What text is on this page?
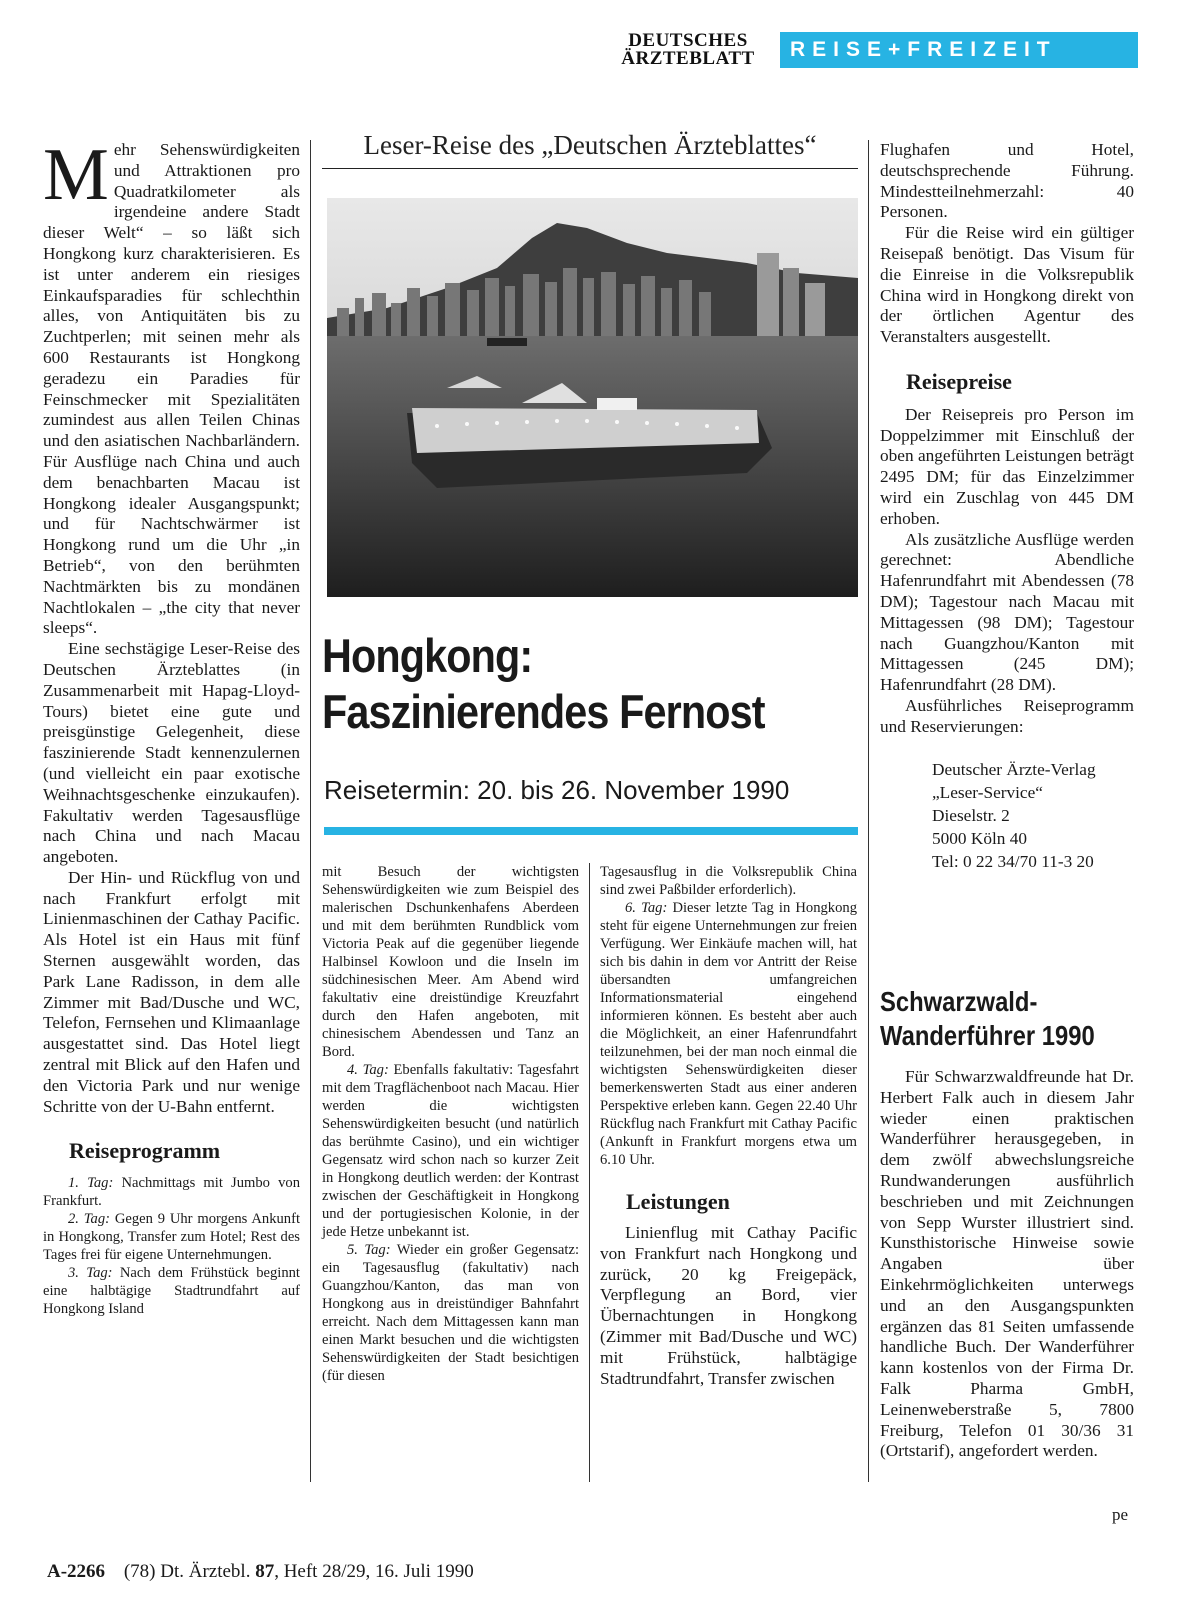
DEUTSCHES
ÄRZTEBLATT	REISE+FREIZEIT

Mehr Sehenswürdigkeiten und Attraktionen pro Quadratkilometer als irgendeine andere Stadt dieser Welt“ – so läßt sich Hongkong kurz charakterisieren. Es ist unter anderem ein riesiges Einkaufsparadies für schlechthin alles, von Antiquitäten bis zu Zuchtperlen; mit seinen mehr als 600 Restaurants ist Hongkong geradezu ein Paradies für Feinschmecker mit Spezialitäten zumindest aus allen Teilen Chinas und den asiatischen Nachbarländern. Für Ausflüge nach China und auch dem benachbarten Macau ist Hongkong idealer Ausgangspunkt; und für Nachtschwärmer ist Hongkong rund um die Uhr „in Betrieb“, von den berühmten Nachtmärkten bis zu mondänen Nachtlokalen – „the city that never sleeps“.

Eine sechstägige Leser-Reise des Deutschen Ärzteblattes (in Zusammenarbeit mit Hapag-Lloyd-Tours) bietet eine gute und preisgünstige Gelegenheit, diese faszinierende Stadt kennenzulernen (und vielleicht ein paar exotische Weihnachtsgeschenke einzukaufen). Fakultativ werden Tagesausflüge nach China und nach Macau angeboten.

Der Hin- und Rückflug von und nach Frankfurt erfolgt mit Linienmaschinen der Cathay Pacific. Als Hotel ist ein Haus mit fünf Sternen ausgewählt worden, das Park Lane Radisson, in dem alle Zimmer mit Bad/Dusche und WC, Telefon, Fernsehen und Klimaanlage ausgestattet sind. Das Hotel liegt zentral mit Blick auf den Hafen und den Victoria Park und nur wenige Schritte von der U-Bahn entfernt.

Reiseprogramm

1. Tag: Nachmittags mit Jumbo von Frankfurt.

2. Tag: Gegen 9 Uhr morgens Ankunft in Hongkong, Transfer zum Hotel; Rest des Tages frei für eigene Unternehmungen.

3. Tag: Nach dem Frühstück beginnt eine halbtägige Stadtrundfahrt auf Hongkong Island

Leser-Reise des „Deutschen Ärzteblattes“
Hongkong:
Faszinierendes Fernost
Reisetermin: 20. bis 26. November 1990

mit Besuch der wichtigsten Sehenswürdigkeiten wie zum Beispiel des malerischen Dschunkenhafens Aberdeen und mit dem berühmten Rundblick vom Victoria Peak auf die gegenüber liegende Halbinsel Kowloon und die Inseln im südchinesischen Meer. Am Abend wird fakultativ eine dreistündige Kreuzfahrt durch den Hafen angeboten, mit chinesischem Abendessen und Tanz an Bord.

4. Tag: Ebenfalls fakultativ: Tagesfahrt mit dem Tragflächenboot nach Macau. Hier werden die wichtigsten Sehenswürdigkeiten besucht (und natürlich das berühmte Casino), und ein wichtiger Gegensatz wird schon nach so kurzer Zeit in Hongkong deutlich werden: der Kontrast zwischen der Geschäftigkeit in Hongkong und der portugiesischen Kolonie, in der jede Hetze unbekannt ist.

5. Tag: Wieder ein großer Gegensatz: ein Tagesausflug (fakultativ) nach Guangzhou/Kanton, das man von Hongkong aus in dreistündiger Bahnfahrt erreicht. Nach dem Mittagessen kann man einen Markt besuchen und die wichtigsten Sehenswürdigkeiten der Stadt besichtigen (für diesen

Tagesausflug in die Volksrepublik China sind zwei Paßbilder erforderlich).

6. Tag: Dieser letzte Tag in Hongkong steht für eigene Unternehmungen zur freien Verfügung. Wer Einkäufe machen will, hat sich bis dahin in dem vor Antritt der Reise übersandten umfangreichen Informationsmaterial eingehend informieren können. Es besteht aber auch die Möglichkeit, an einer Hafenrundfahrt teilzunehmen, bei der man noch einmal die wichtigsten Sehenswürdigkeiten dieser bemerkenswerten Stadt aus einer anderen Perspektive erleben kann. Gegen 22.40 Uhr Rückflug nach Frankfurt mit Cathay Pacific (Ankunft in Frankfurt morgens etwa um 6.10 Uhr.

Leistungen

Linienflug mit Cathay Pacific von Frankfurt nach Hongkong und zurück, 20 kg Freigepäck, Verpflegung an Bord, vier Übernachtungen in Hongkong (Zimmer mit Bad/Dusche und WC) mit Frühstück, halbtägige Stadtrundfahrt, Transfer zwischen

Flughafen und Hotel, deutschsprechende Führung. Mindestteilnehmerzahl: 40 Personen.

Für die Reise wird ein gültiger Reisepaß benötigt. Das Visum für die Einreise in die Volksrepublik China wird in Hongkong direkt von der örtlichen Agentur des Veranstalters ausgestellt.

Reisepreise

Der Reisepreis pro Person im Doppelzimmer mit Einschluß der oben angeführten Leistungen beträgt 2495 DM; für das Einzelzimmer wird ein Zuschlag von 445 DM erhoben.

Als zusätzliche Ausflüge werden gerechnet: Abendliche Hafenrundfahrt mit Abendessen (78 DM); Tagestour nach Macau mit Mittagessen (98 DM); Tagestour nach Guangzhou/Kanton mit Mittagessen (245 DM); Hafenrundfahrt (28 DM).

Ausführliches Reiseprogramm und Reservierungen:

Deutscher Ärzte-Verlag
„Leser-Service“
Dieselstr. 2
5000 Köln 40
Tel: 0 22 34/70 11-3 20
Schwarzwald-
Wanderführer 1990

Für Schwarzwaldfreunde hat Dr. Herbert Falk auch in diesem Jahr wieder einen praktischen Wanderführer herausgegeben, in dem zwölf abwechslungsreiche Rundwanderungen ausführlich beschrieben und mit Zeichnungen von Sepp Wurster illustriert sind. Kunsthistorische Hinweise sowie Angaben über Einkehrmöglichkeiten unterwegs und an den Ausgangspunkten ergänzen das 81 Seiten umfassende handliche Buch. Der Wanderführer kann kostenlos von der Firma Dr. Falk Pharma GmbH, Leinenweberstraße 5, 7800 Freiburg, Telefon 01 30/36 31 (Ortstarif), angefordert werden.

pe
A-2266 (78) Dt. Ärztebl. 87, Heft 28/29, 16. Juli 1990
